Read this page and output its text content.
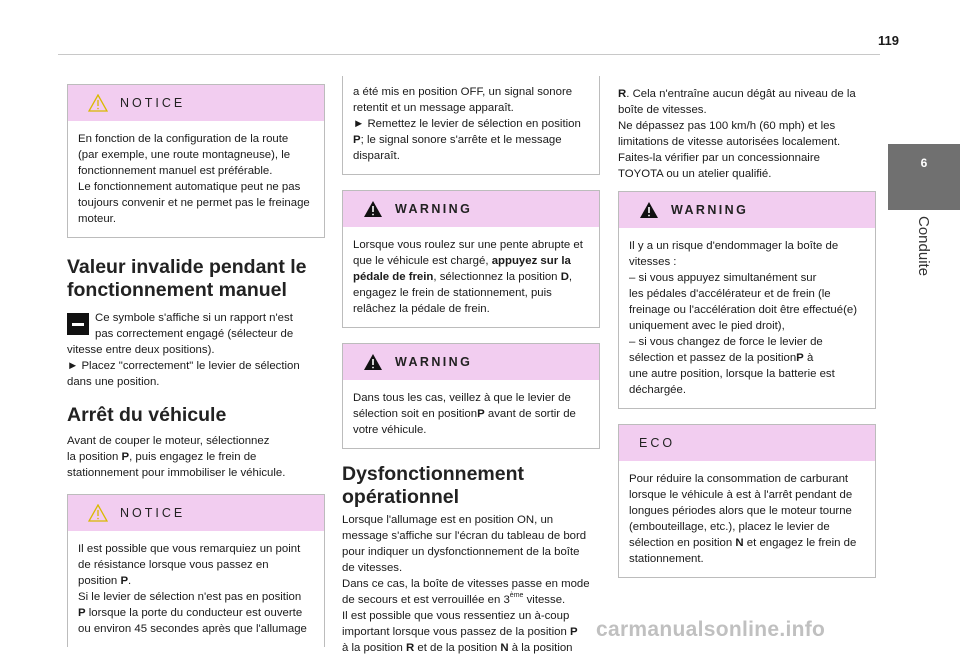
119
6
Conduite
NOTICE

En fonction de la configuration de la route

(par exemple, une route montagneuse), le

fonctionnement manuel est préférable.

Le fonctionnement automatique peut ne pas

toujours convenir et ne permet pas le freinage

moteur.

Valeur invalide pendant le
fonctionnement manuel

Ce symbole s'affiche si un rapport n'est

pas correctement engagé (sélecteur de

vitesse entre deux positions).

► Placez "correctement" le levier de sélection

dans une position.

Arrêt du véhicule

Avant de couper le moteur, sélectionnez

la position P, puis engagez le frein de

stationnement pour immobiliser le véhicule.

NOTICE

Il est possible que vous remarquiez un point

de résistance lorsque vous passez en

position P.

Si le levier de sélection n'est pas en position

P lorsque la porte du conducteur est ouverte

ou environ 45 secondes après que l'allumage

a été mis en position OFF, un signal sonore

retentit et un message apparaît.

► Remettez le levier de sélection en position

P; le signal sonore s'arrête et le message

disparaît.

WARNING

Lorsque vous roulez sur une pente abrupte et

que le véhicule est chargé, appuyez sur la

pédale de frein, sélectionnez la position D,

engagez le frein de stationnement, puis

relâchez la pédale de frein.

WARNING

Dans tous les cas, veillez à que le levier de

sélection soit en positionP avant de sortir de

votre véhicule.

Dysfonctionnement
opérationnel

Lorsque l'allumage est en position ON, un

message s'affiche sur l'écran du tableau de bord

pour indiquer un dysfonctionnement de la boîte

de vitesses.

Dans ce cas, la boîte de vitesses passe en mode

de secours et est verrouillée en 3ème vitesse.

Il est possible que vous ressentiez un à-coup

important lorsque vous passez de la position P

à la position R et de la position N à la position

R. Cela n'entraîne aucun dégât au niveau de la

boîte de vitesses.

Ne dépassez pas 100 km/h (60 mph) et les

limitations de vitesse autorisées localement.

Faites-la vérifier par un concessionnaire

TOYOTA ou un atelier qualifié.

WARNING

Il y a un risque d'endommager la boîte de

vitesses :

– si vous appuyez simultanément sur

les pédales d'accélérateur et de frein (le

freinage ou l'accélération doit être effectué(e)

uniquement avec le pied droit),

– si vous changez de force le levier de

sélection et passez de la positionP à

une autre position, lorsque la batterie est

déchargée.

ECO

Pour réduire la consommation de carburant

lorsque le véhicule à est à l'arrêt pendant de

longues périodes alors que le moteur tourne

(embouteillage, etc.), placez le levier de

sélection en position N et engagez le frein de

stationnement.

carmanualsonline.info
